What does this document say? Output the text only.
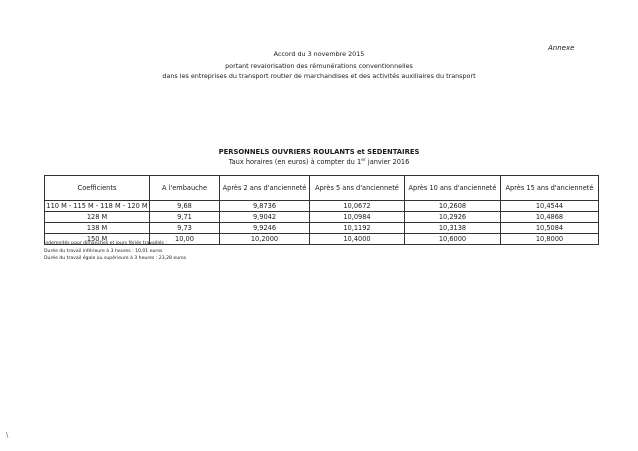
Annexe
Accord du 3 novembre 2015
portant revalorisation des rémunérations conventionnelles
dans les entreprises du transport routier de marchandises et des activités auxiliaires du transport
PERSONNELS OUVRIERS ROULANTS et SEDENTAIRES
Taux horaires (en euros) à compter du 1er janvier 2016
Coefficients	A l'embauche	Après 2 ans d'ancienneté	Après 5 ans d'ancienneté	Après 10 ans d'ancienneté	Après 15 ans d'ancienneté
110 M - 115 M - 118 M - 120 M	9,68	9,8736	10,0672	10,2608	10,4544
128 M	9,71	9,9042	10,0984	10,2926	10,4868
138 M	9,73	9,9246	10,1192	10,3138	10,5084
150 M	10,00	10,2000	10,4000	10,6000	10,8000
Indemnités pour dimanches et jours fériés travaillés :
Durée du travail inférieure à 3 heures : 10,01 euros
Durée du travail égale ou supérieure à 3 heures : 23,28 euros
\
